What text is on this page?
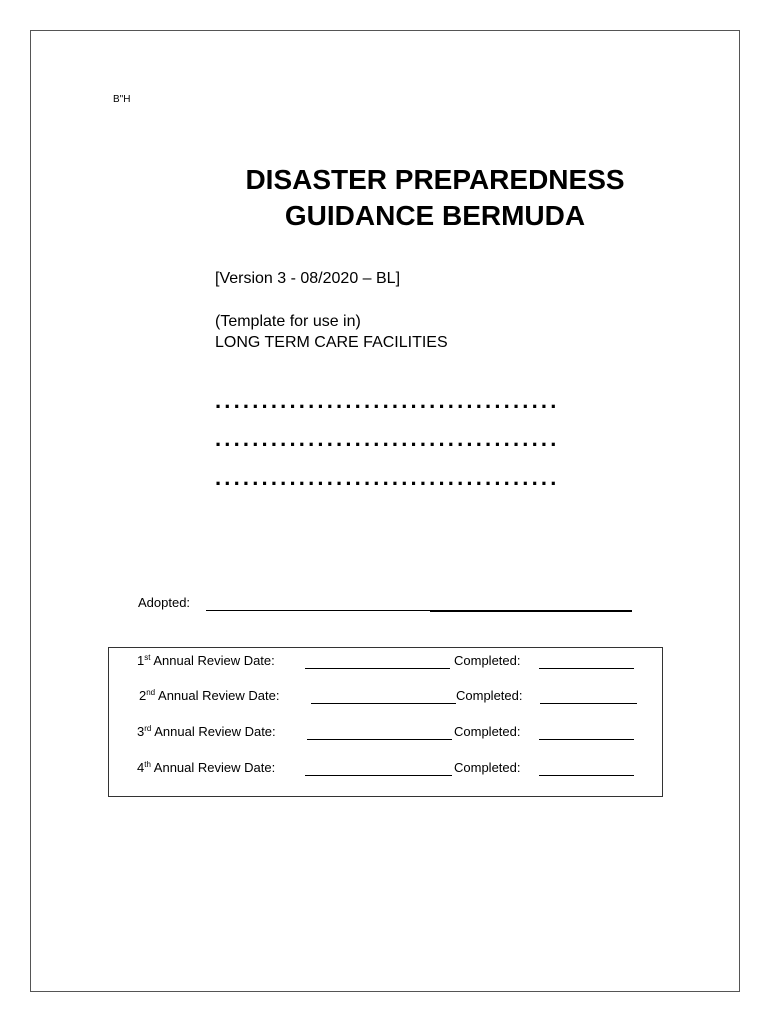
B"H
DISASTER PREPAREDNESS
GUIDANCE BERMUDA
[Version 3 - 08/2020 – BL]
(Template for use in)
LONG TERM CARE FACILITIES
.....................................
.....................................
.....................................
Adopted:
1st Annual Review Date:	Completed:
2nd Annual Review Date:	Completed:
3rd Annual Review Date:	Completed:
4th Annual Review Date:	Completed:
